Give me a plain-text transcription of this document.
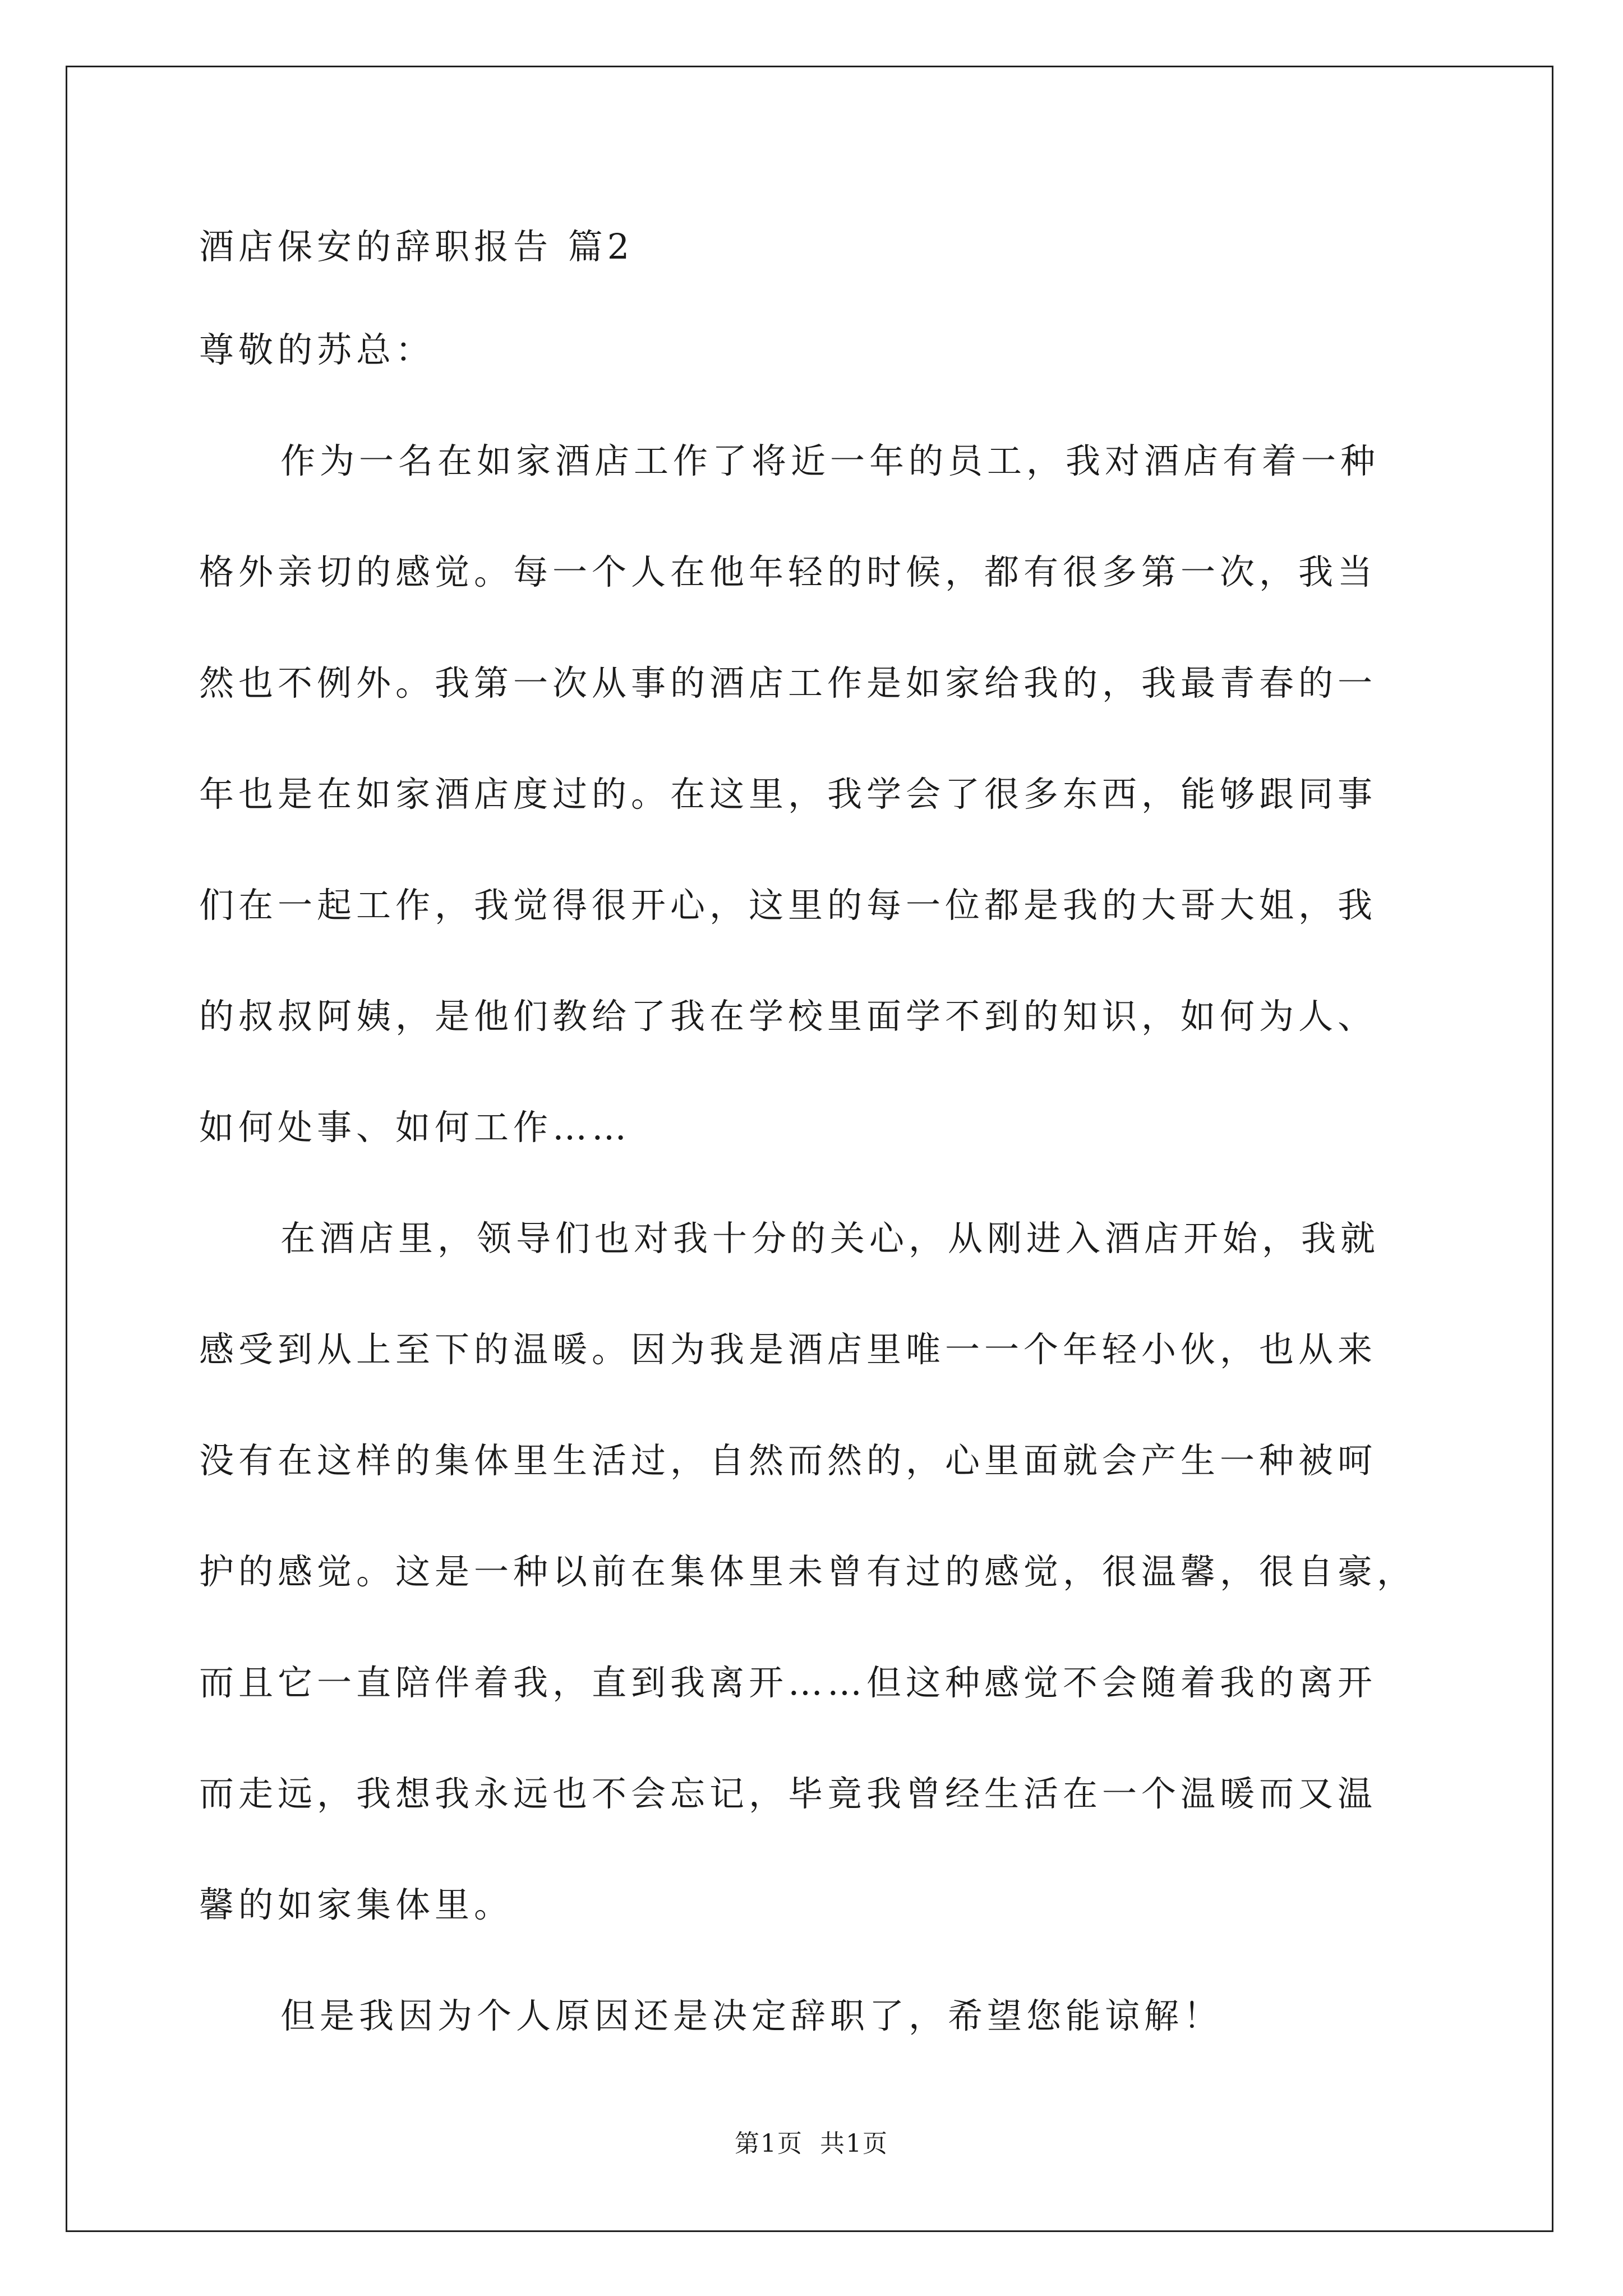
酒店保安的辞职报告 篇2

尊敬的苏总：

作为一名在如家酒店工作了将近一年的员工，我对酒店有着一种

格外亲切的感觉。每一个人在他年轻的时候，都有很多第一次，我当

然也不例外。我第一次从事的酒店工作是如家给我的，我最青春的一

年也是在如家酒店度过的。在这里，我学会了很多东西，能够跟同事

们在一起工作，我觉得很开心，这里的每一位都是我的大哥大姐，我

的叔叔阿姨，是他们教给了我在学校里面学不到的知识，如何为人、

如何处事、如何工作……

在酒店里，领导们也对我十分的关心，从刚进入酒店开始，我就

感受到从上至下的温暖。因为我是酒店里唯一一个年轻小伙，也从来

没有在这样的集体里生活过，自然而然的，心里面就会产生一种被呵

护的感觉。这是一种以前在集体里未曾有过的感觉，很温馨，很自豪，

而且它一直陪伴着我，直到我离开……但这种感觉不会随着我的离开

而走远，我想我永远也不会忘记，毕竟我曾经生活在一个温暖而又温

馨的如家集体里。

但是我因为个人原因还是决定辞职了，希望您能谅解！

第1页 共1页
